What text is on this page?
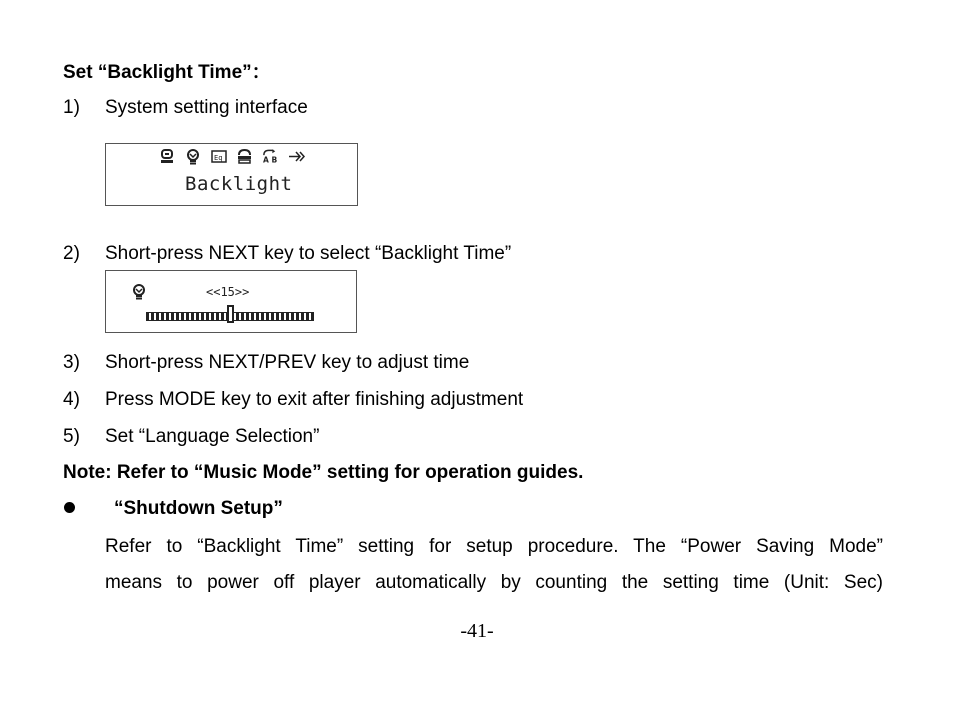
Set “Backlight Time”：
1) System setting interface
Eq	A B
Backlight
2) Short-press NEXT key to select “Backlight Time”
<<15>>
3) Short-press NEXT/PREV key to adjust time
4) Press MODE key to exit after finishing adjustment
5) Set “Language Selection”
Note: Refer to “Music Mode” setting for operation guides.
“Shutdown Setup”
Refer to “Backlight Time” setting for setup procedure. The “Power Saving Mode”
means to power off player automatically by counting the setting time (Unit: Sec)
-41-
